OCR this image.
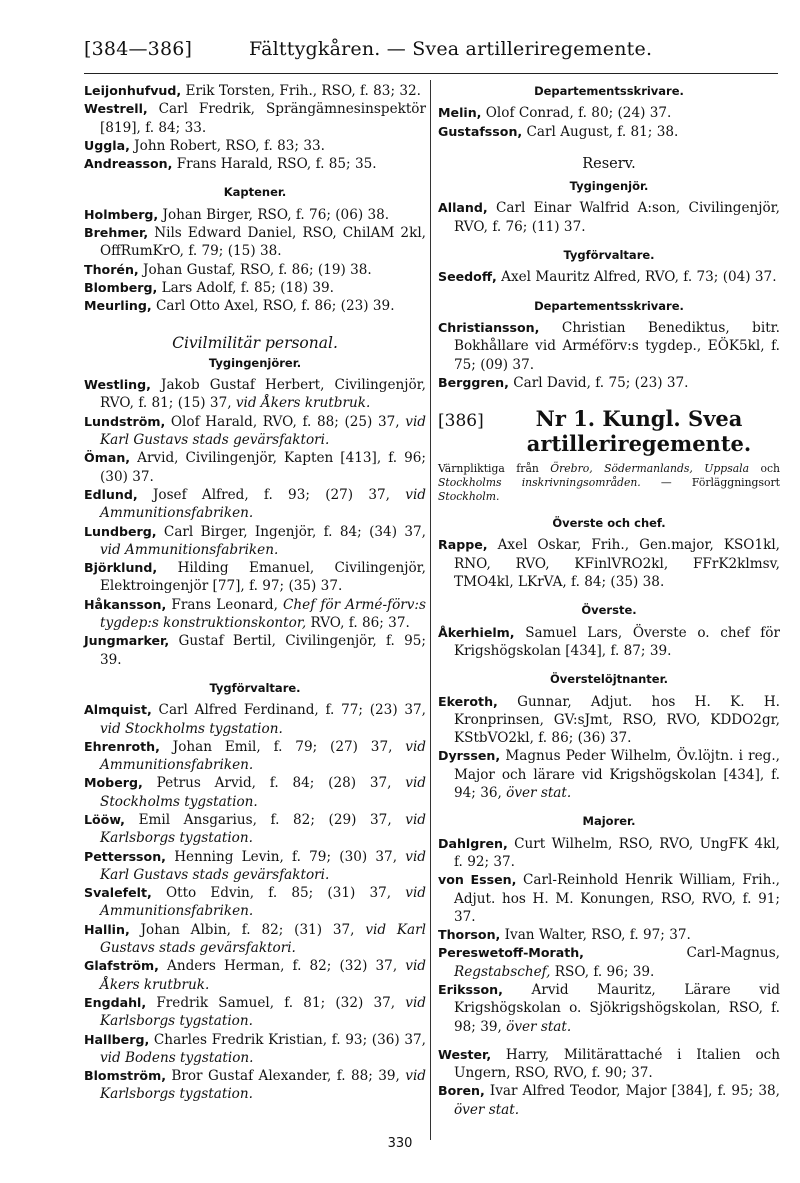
[384—386]	Fälttygkåren. — Svea artilleriregemente.
Leijonhufvud, Erik Torsten, Frih., RSO, f. 83; 32.
Westrell, Carl Fredrik, Sprängämnesinspektör [819], f. 84; 33.
Uggla, John Robert, RSO, f. 83; 33.
Andreasson, Frans Harald, RSO, f. 85; 35.
Kaptener.
Holmberg, Johan Birger, RSO, f. 76; (06) 38.
Brehmer, Nils Edward Daniel, RSO, ChilAM 2kl, OffRumKrO, f. 79; (15) 38.
Thorén, Johan Gustaf, RSO, f. 86; (19) 38.
Blomberg, Lars Adolf, f. 85; (18) 39.
Meurling, Carl Otto Axel, RSO, f. 86; (23) 39.
Civilmilitär personal.
Tygingenjörer.
Westling, Jakob Gustaf Herbert, Civilingenjör, RVO, f. 81; (15) 37, vid Åkers krutbruk.
Lundström, Olof Harald, RVO, f. 88; (25) 37, vid Karl Gustavs stads gevärsfaktori.
Öman, Arvid, Civilingenjör, Kapten [413], f. 96; (30) 37.
Edlund, Josef Alfred, f. 93; (27) 37, vid Ammunitionsfabriken.
Lundberg, Carl Birger, Ingenjör, f. 84; (34) 37, vid Ammunitionsfabriken.
Björklund, Hilding Emanuel, Civilingenjör, Elektroingenjör [77], f. 97; (35) 37.
Håkansson, Frans Leonard, Chef för Armé-förv:s tygdep:s konstruktionskontor, RVO, f. 86; 37.
Jungmarker, Gustaf Bertil, Civilingenjör, f. 95; 39.
Tygförvaltare.
Almquist, Carl Alfred Ferdinand, f. 77; (23) 37, vid Stockholms tygstation.
Ehrenroth, Johan Emil, f. 79; (27) 37, vid Ammunitionsfabriken.
Moberg, Petrus Arvid, f. 84; (28) 37, vid Stockholms tygstation.
Lööw, Emil Ansgarius, f. 82; (29) 37, vid Karlsborgs tygstation.
Pettersson, Henning Levin, f. 79; (30) 37, vid Karl Gustavs stads gevärsfaktori.
Svalefelt, Otto Edvin, f. 85; (31) 37, vid Ammunitionsfabriken.
Hallin, Johan Albin, f. 82; (31) 37, vid Karl Gustavs stads gevärsfaktori.
Glafström, Anders Herman, f. 82; (32) 37, vid Åkers krutbruk.
Engdahl, Fredrik Samuel, f. 81; (32) 37, vid Karlsborgs tygstation.
Hallberg, Charles Fredrik Kristian, f. 93; (36) 37, vid Bodens tygstation.
Blomström, Bror Gustaf Alexander, f. 88; 39, vid Karlsborgs tygstation.
Departementsskrivare.
Melin, Olof Conrad, f. 80; (24) 37.
Gustafsson, Carl August, f. 81; 38.
Reserv.
Tygingenjör.
Alland, Carl Einar Walfrid A:son, Civilingenjör, RVO, f. 76; (11) 37.
Tygförvaltare.
Seedoff, Axel Mauritz Alfred, RVO, f. 73; (04) 37.
Departementsskrivare.
Christiansson, Christian Benediktus, bitr. Bokhållare vid Arméförv:s tygdep., EÖK5kl, f. 75; (09) 37.
Berggren, Carl David, f. 75; (23) 37.
[386]	Nr 1. Kungl. Svea artilleriregemente.
Värnpliktiga från Örebro, Södermanlands, Uppsala och Stockholms inskrivningsområden. — Förläggningsort Stockholm.
Överste och chef.
Rappe, Axel Oskar, Frih., Gen.major, KSO1kl, RNO, RVO, KFinlVRO2kl, FFrK2klmsv, TMO4kl, LKrVA, f. 84; (35) 38.
Överste.
Åkerhielm, Samuel Lars, Överste o. chef för Krigshögskolan [434], f. 87; 39.
Överstelöjtnanter.
Ekeroth, Gunnar, Adjut. hos H. K. H. Kronprinsen, GV:sJmt, RSO, RVO, KDDO2gr, KStbVO2kl, f. 86; (36) 37.
Dyrssen, Magnus Peder Wilhelm, Öv.löjtn. i reg., Major och lärare vid Krigshögskolan [434], f. 94; 36, över stat.
Majorer.
Dahlgren, Curt Wilhelm, RSO, RVO, UngFK 4kl, f. 92; 37.
von Essen, Carl-Reinhold Henrik William, Frih., Adjut. hos H. M. Konungen, RSO, RVO, f. 91; 37.
Thorson, Ivan Walter, RSO, f. 97; 37.
Pereswetoff-Morath, Carl-Magnus, Regstabschef, RSO, f. 96; 39.
Eriksson, Arvid Mauritz, Lärare vid Krigshögskolan o. Sjökrigshögskolan, RSO, f. 98; 39, över stat.
Wester, Harry, Militärattaché i Italien och Ungern, RSO, RVO, f. 90; 37.
Boren, Ivar Alfred Teodor, Major [384], f. 95; 38, över stat.
330
